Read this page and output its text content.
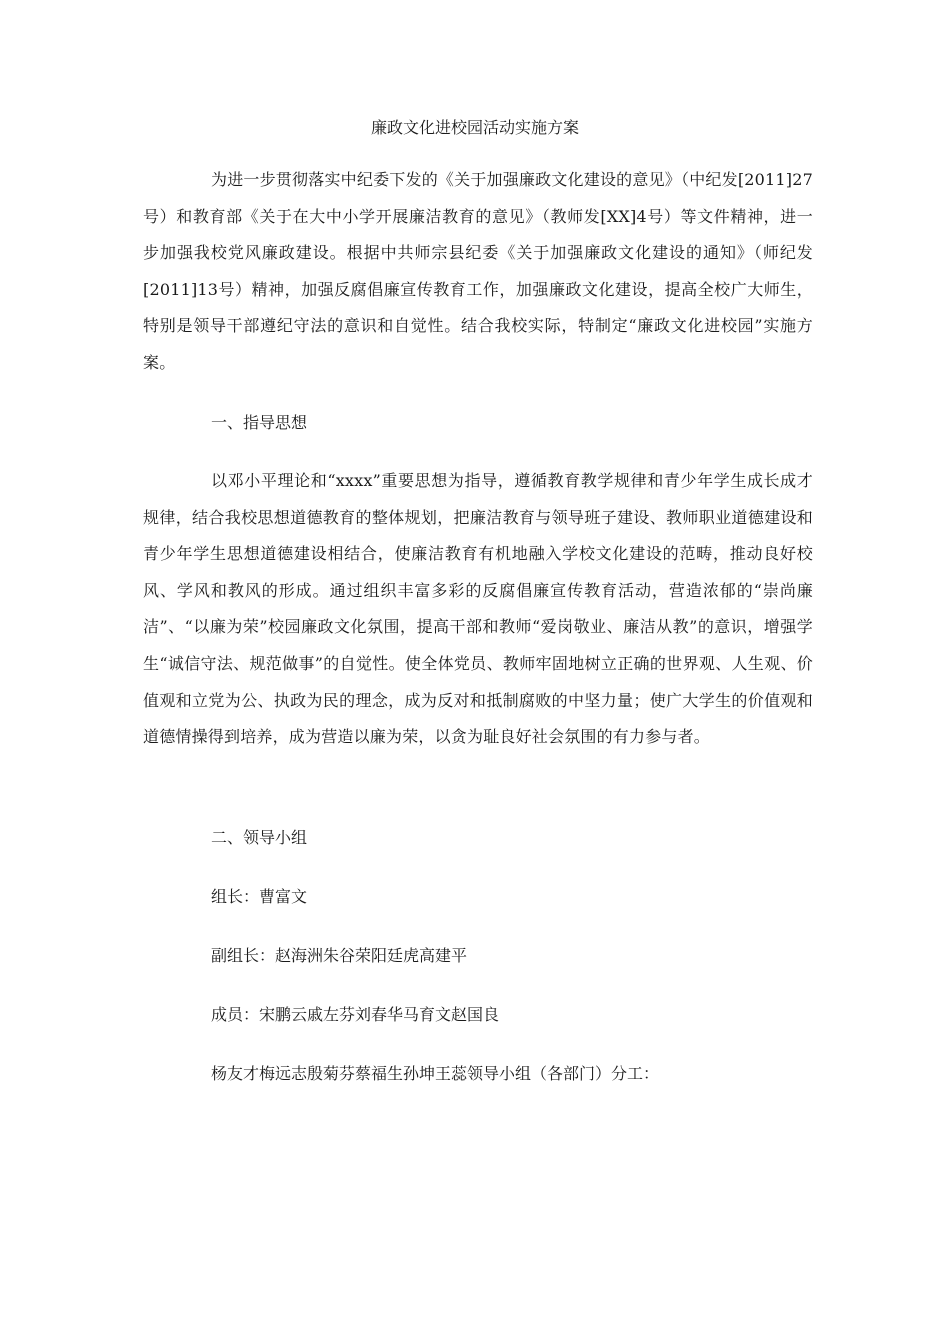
廉政文化进校园活动实施方案

为进一步贯彻落实中纪委下发的《关于加强廉政文化建设的意见》（中纪发[2011]27号）和教育部《关于在大中小学开展廉洁教育的意见》（教师发[XX]4号）等文件精神，进一步加强我校党风廉政建设。根据中共师宗县纪委《关于加强廉政文化建设的通知》（师纪发[2011]13号）精神，加强反腐倡廉宣传教育工作，加强廉政文化建设，提高全校广大师生，特别是领导干部遵纪守法的意识和自觉性。结合我校实际，特制定“廉政文化进校园”实施方案。

一、指导思想

以邓小平理论和“xxxx”重要思想为指导，遵循教育教学规律和青少年学生成长成才规律，结合我校思想道德教育的整体规划，把廉洁教育与领导班子建设、教师职业道德建设和青少年学生思想道德建设相结合，使廉洁教育有机地融入学校文化建设的范畴，推动良好校风、学风和教风的形成。通过组织丰富多彩的反腐倡廉宣传教育活动，营造浓郁的“崇尚廉洁”、“以廉为荣”校园廉政文化氛围，提高干部和教师“爱岗敬业、廉洁从教”的意识，增强学生“诚信守法、规范做事”的自觉性。使全体党员、教师牢固地树立正确的世界观、人生观、价值观和立党为公、执政为民的理念，成为反对和抵制腐败的中坚力量；使广大学生的价值观和道德情操得到培养，成为营造以廉为荣，以贪为耻良好社会氛围的有力参与者。

二、领导小组

组长：曹富文

副组长：赵海洲朱谷荣阳廷虎高建平

成员：宋鹏云戚左芬刘春华马育文赵国良

杨友才梅远志殷菊芬蔡福生孙坤王蕊领导小组（各部门）分工：
